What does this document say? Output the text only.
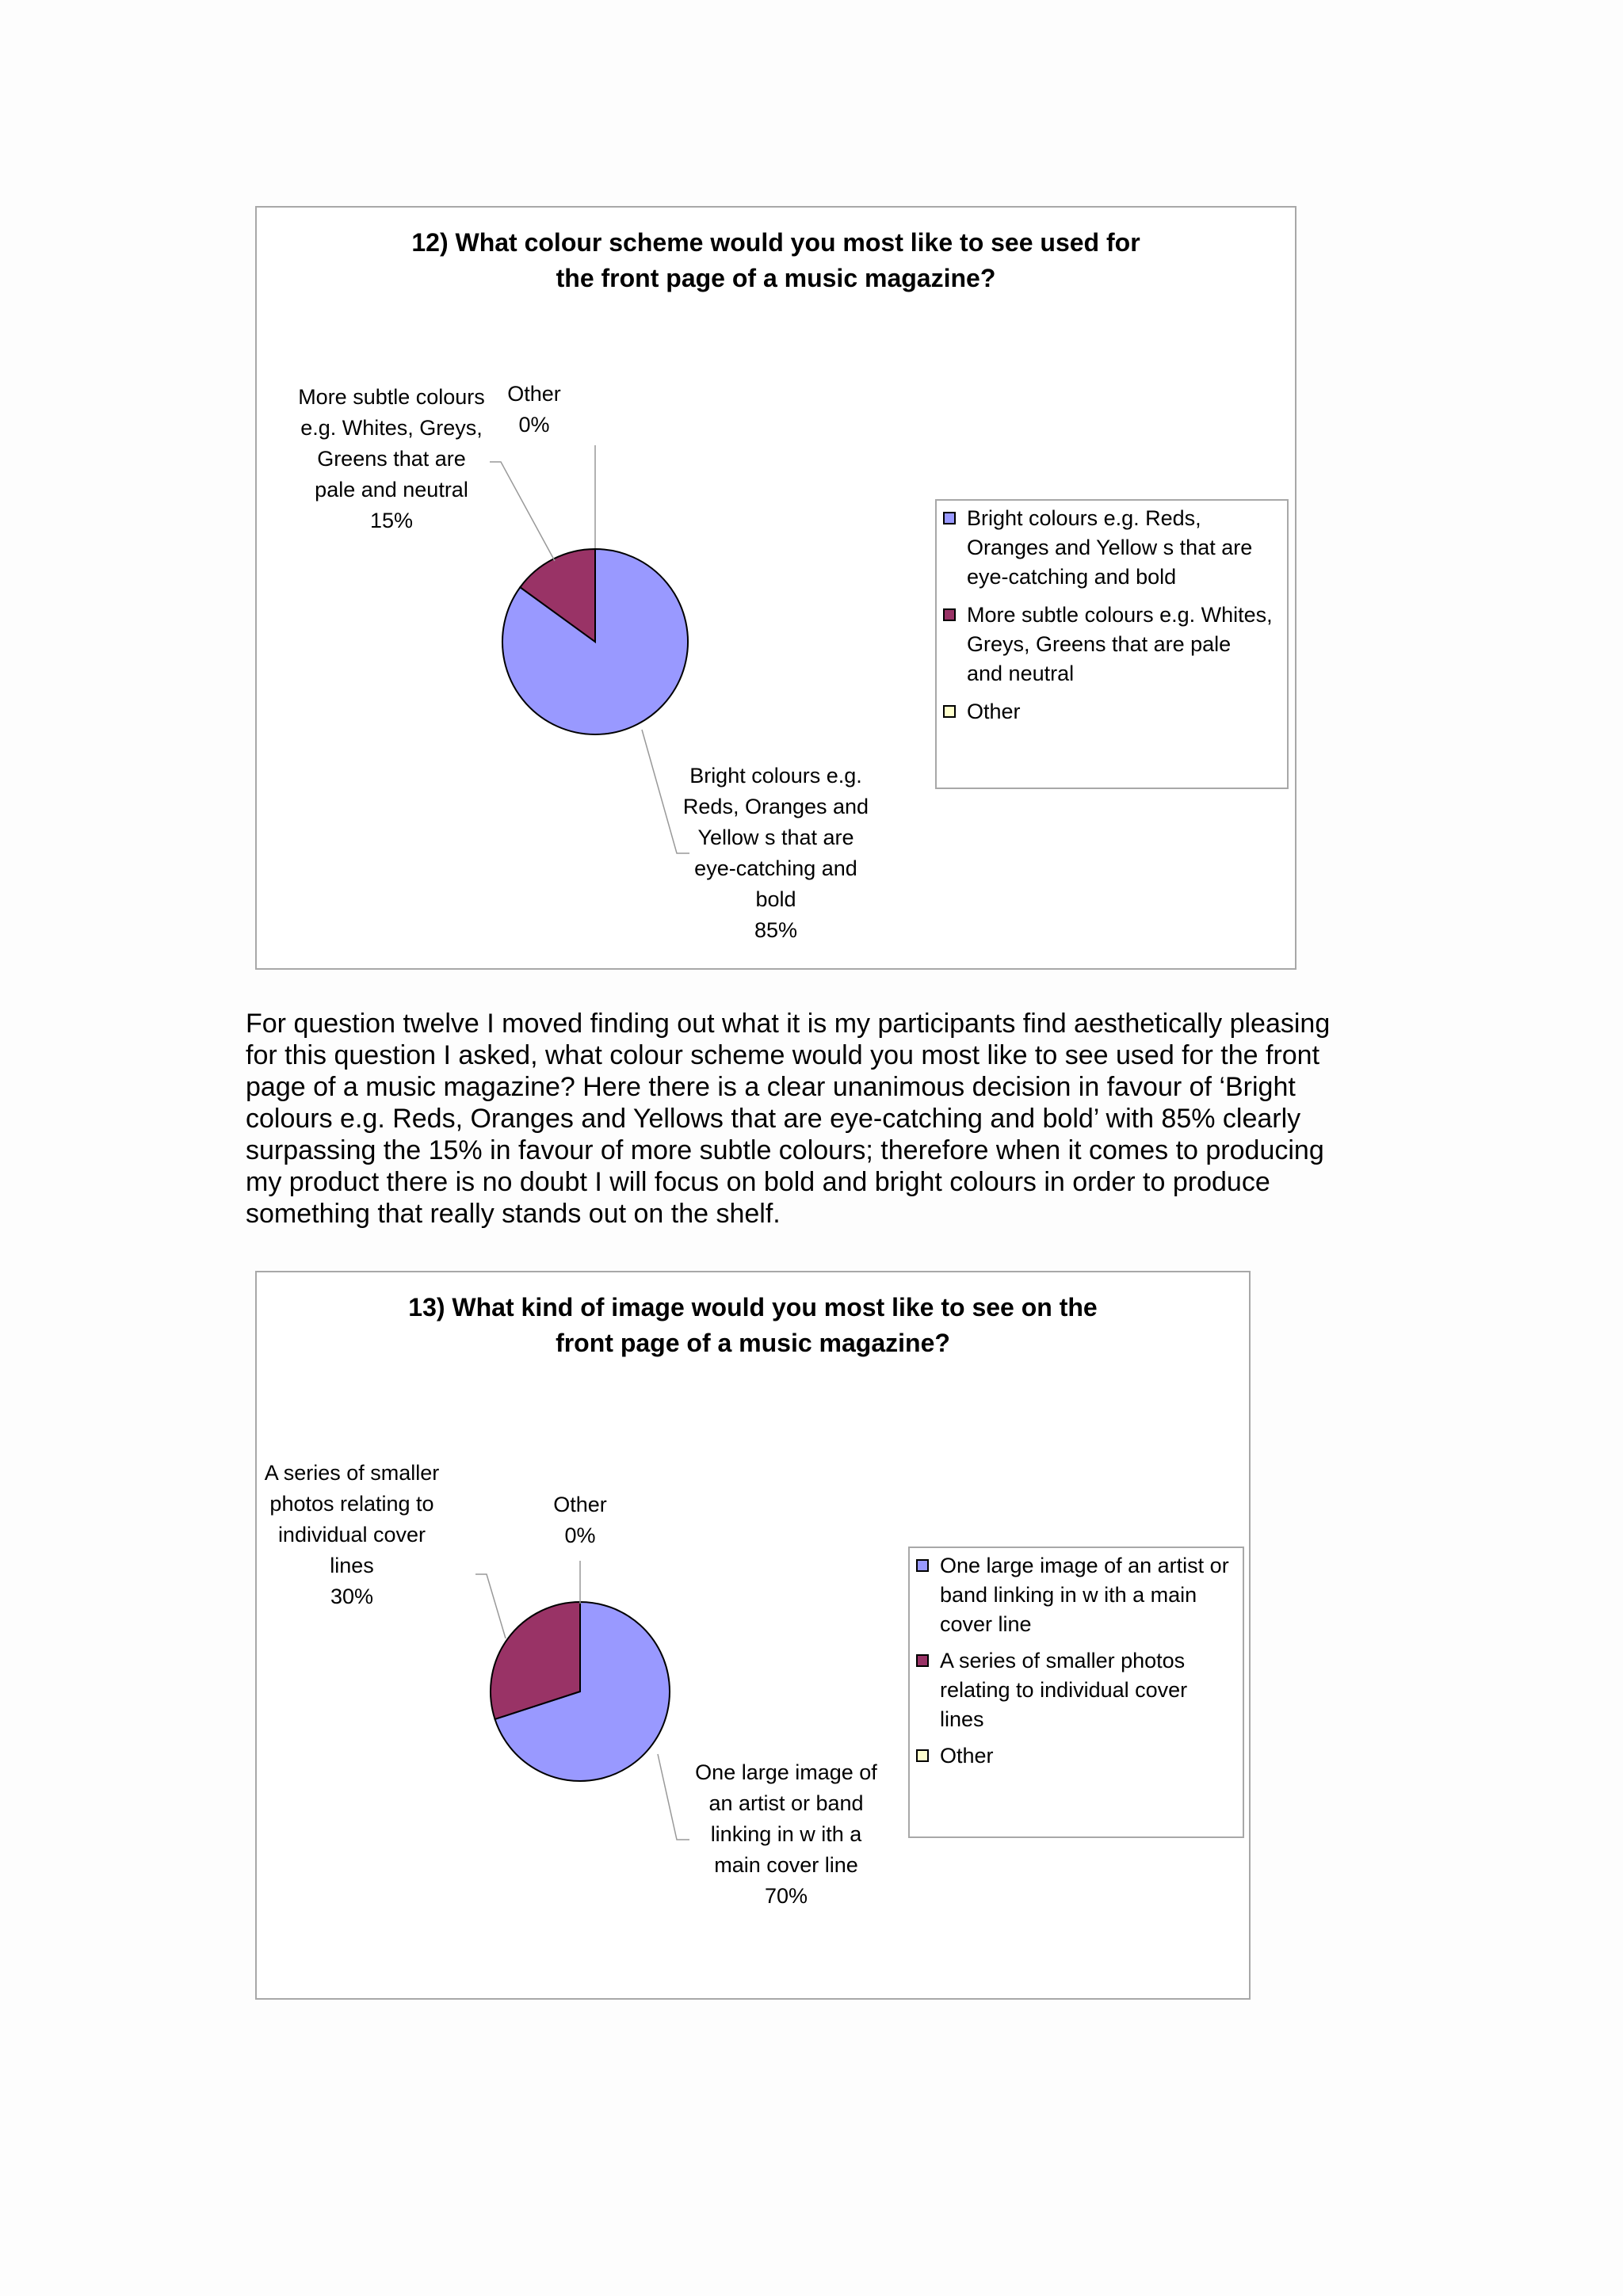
12) What colour scheme would you most like to see used for
the front page of a music magazine?
Other
0%
More subtle colours
e.g. Whites, Greys,
Greens that are
pale and neutral
15%
Bright colours e.g.
Reds, Oranges and
Yellow s that are
eye-catching and
bold
85%
Bright colours e.g. Reds,
Oranges and Yellow s that are
eye-catching and bold
More subtle colours e.g. Whites,
Greys, Greens that are pale
and neutral
Other
For question twelve I moved finding out what it is my participants find aesthetically pleasing
for this question I asked, what colour scheme would you most like to see used for the front
page of a music magazine? Here there is a clear unanimous decision in favour of ‘Bright
colours e.g. Reds, Oranges and Yellows that are eye-catching and bold’ with 85% clearly
surpassing the 15% in favour of more subtle colours; therefore when it comes to producing
my product there is no doubt I will focus on bold and bright colours in order to produce
something that really stands out on the shelf.
13) What kind of image would you most like to see on the
front page of a music magazine?
Other
0%
A series of smaller
photos relating to
individual cover
lines
30%
One large image of
an artist or band
linking in w ith a
main cover line
70%
One large image of an artist or
band linking in w ith a main
cover line
A series of smaller photos
relating to individual cover
lines
Other
